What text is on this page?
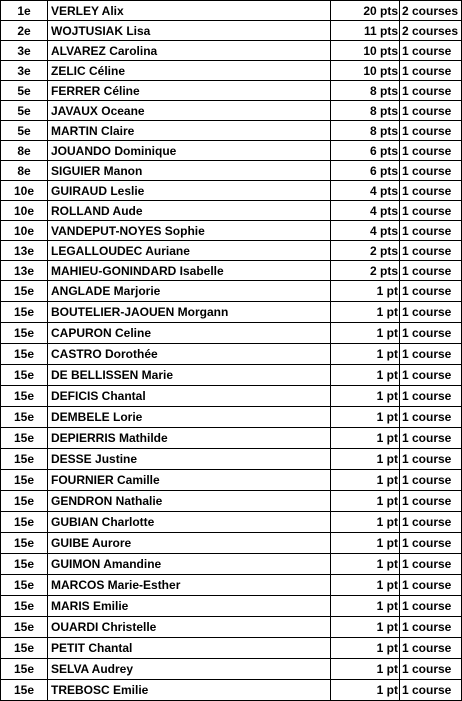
1e	VERLEY Alix	20 pts	2 courses
2e	WOJTUSIAK Lisa	11 pts	2 courses
3e	ALVAREZ Carolina	10 pts	1 course
3e	ZELIC Céline	10 pts	1 course
5e	FERRER Céline	8 pts	1 course
5e	JAVAUX Oceane	8 pts	1 course
5e	MARTIN Claire	8 pts	1 course
8e	JOUANDO Dominique	6 pts	1 course
8e	SIGUIER Manon	6 pts	1 course
10e	GUIRAUD Leslie	4 pts	1 course
10e	ROLLAND Aude	4 pts	1 course
10e	VANDEPUT-NOYES Sophie	4 pts	1 course
13e	LEGALLOUDEC Auriane	2 pts	1 course
13e	MAHIEU-GONINDARD Isabelle	2 pts	1 course
15e	ANGLADE Marjorie	1 pt	1 course
15e	BOUTELIER-JAOUEN Morgann	1 pt	1 course
15e	CAPURON Celine	1 pt	1 course
15e	CASTRO Dorothée	1 pt	1 course
15e	DE BELLISSEN Marie	1 pt	1 course
15e	DEFICIS Chantal	1 pt	1 course
15e	DEMBELE Lorie	1 pt	1 course
15e	DEPIERRIS Mathilde	1 pt	1 course
15e	DESSE Justine	1 pt	1 course
15e	FOURNIER Camille	1 pt	1 course
15e	GENDRON Nathalie	1 pt	1 course
15e	GUBIAN Charlotte	1 pt	1 course
15e	GUIBE Aurore	1 pt	1 course
15e	GUIMON Amandine	1 pt	1 course
15e	MARCOS Marie-Esther	1 pt	1 course
15e	MARIS Emilie	1 pt	1 course
15e	OUARDI Christelle	1 pt	1 course
15e	PETIT Chantal	1 pt	1 course
15e	SELVA Audrey	1 pt	1 course
15e	TREBOSC Emilie	1 pt	1 course
